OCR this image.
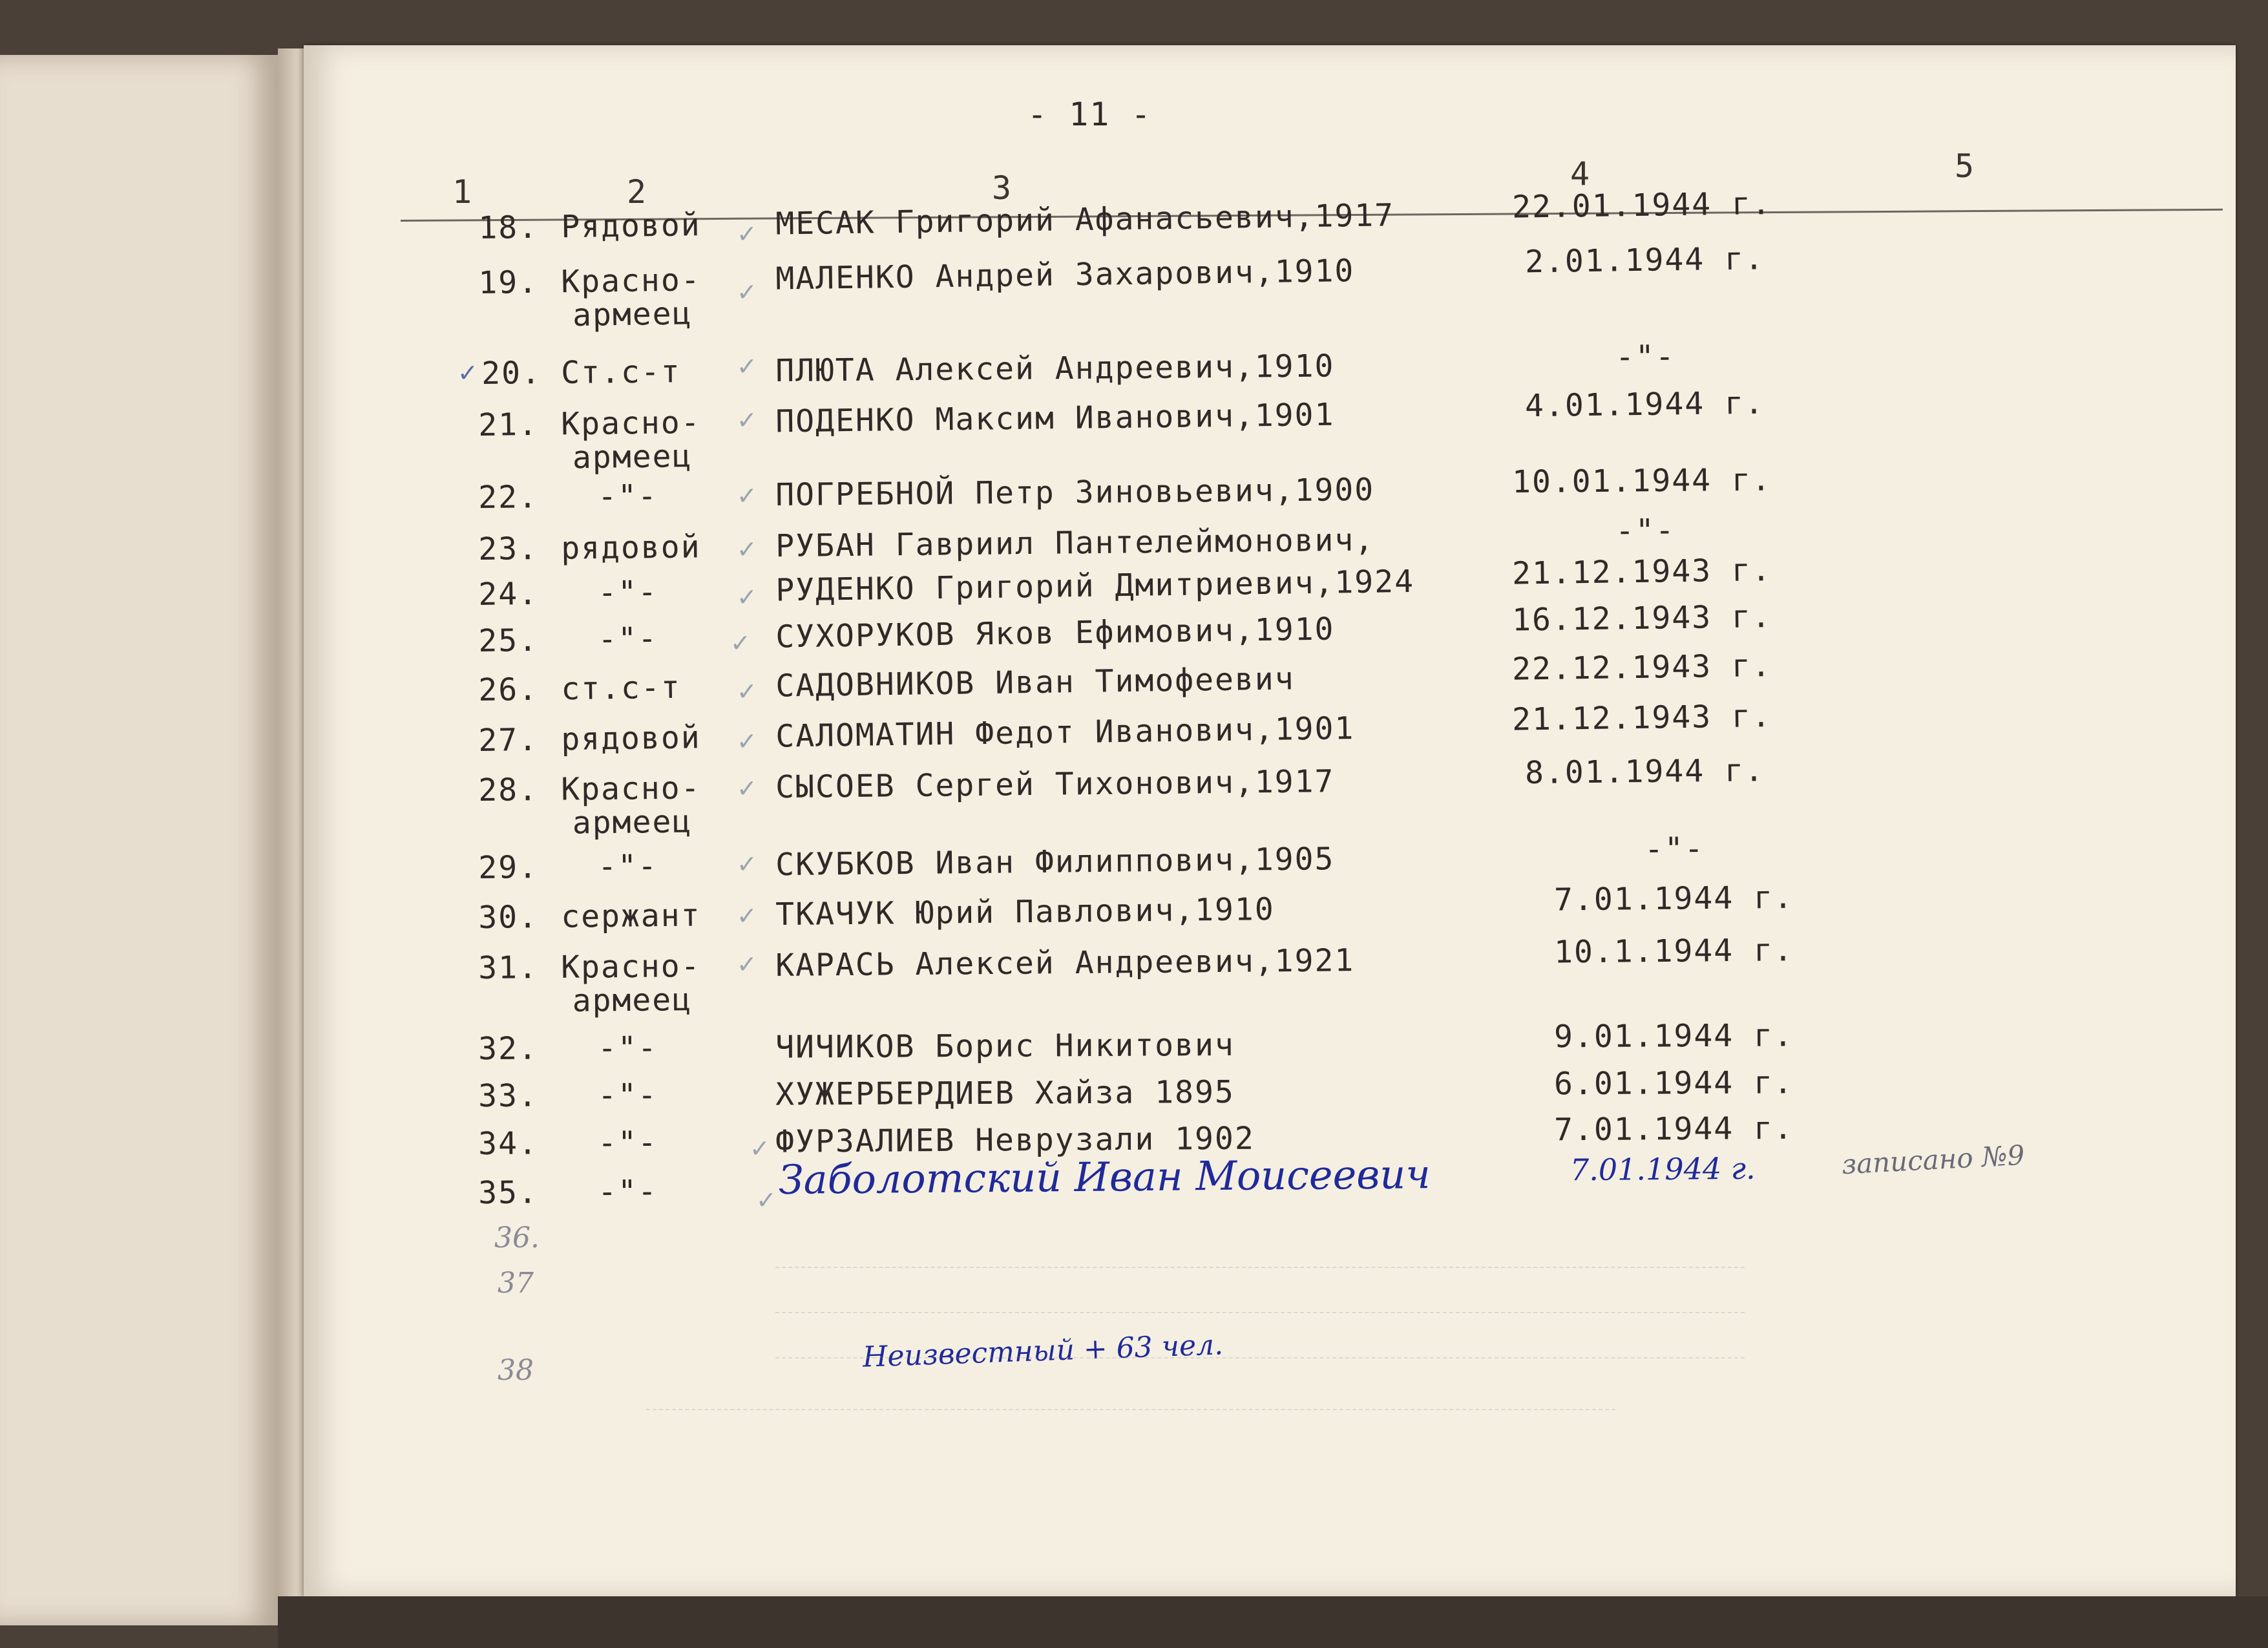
- 11 -
1	2	3	4	5
18. Рядовой МЕСАК Григорий Афанасьевич,1917	22.01.1944 г.
19. Красно-
армеец
МАЛЕНКО Андрей Захарович,1910	2.01.1944 г.
20. Ст.с-т	ПЛЮТА Алексей Андреевич,1910	-"-
21. Красно-
армеец
ПОДЕНКО Максим Иванович,1901	4.01.1944 г.
22. -"-	ПОГРЕБНОЙ Петр Зиновьевич,1900	10.01.1944 г.
23. рядовой РУБАН Гавриил Пантелеймонович,	-"-
24. -"-	РУДЕНКО Григорий Дмитриевич,1924	21.12.1943 г.
25. -"-	СУХОРУКОВ Яков Ефимович,1910	16.12.1943 г.
26. ст.с-т	САДОВНИКОВ Иван Тимофеевич	22.12.1943 г.
27. рядовой САЛОМАТИН Федот Иванович,1901	21.12.1943 г.
28. Красно-
армеец
СЫСОЕВ Сергей Тихонович,1917	8.01.1944 г.
29. -"-	СКУБКОВ Иван Филиппович,1905	-"-
30. сержант ТКАЧУК Юрий Павлович,1910	7.01.1944 г.
31. Красно-
армеец
КАРАСЬ Алексей Андреевич,1921	10.1.1944 г.
32. -"-	ЧИЧИКОВ Борис Никитович	9.01.1944 г.
33. -"-	ХУЖЕРБЕРДИЕВ Хайза 1895	6.01.1944 г.
34. -"-	ФУРЗАЛИЕВ Неврузали 1902	7.01.1944 г.
35. -"-	Заболотский Иван Моисеевич	7.01.1944 г.
✓
✓
✓
✓
✓
✓
✓
✓
✓
✓
✓
✓
✓
✓
✓
✓
✓
записано №9
Неизвестный + 63 чел.
36.
37
38
